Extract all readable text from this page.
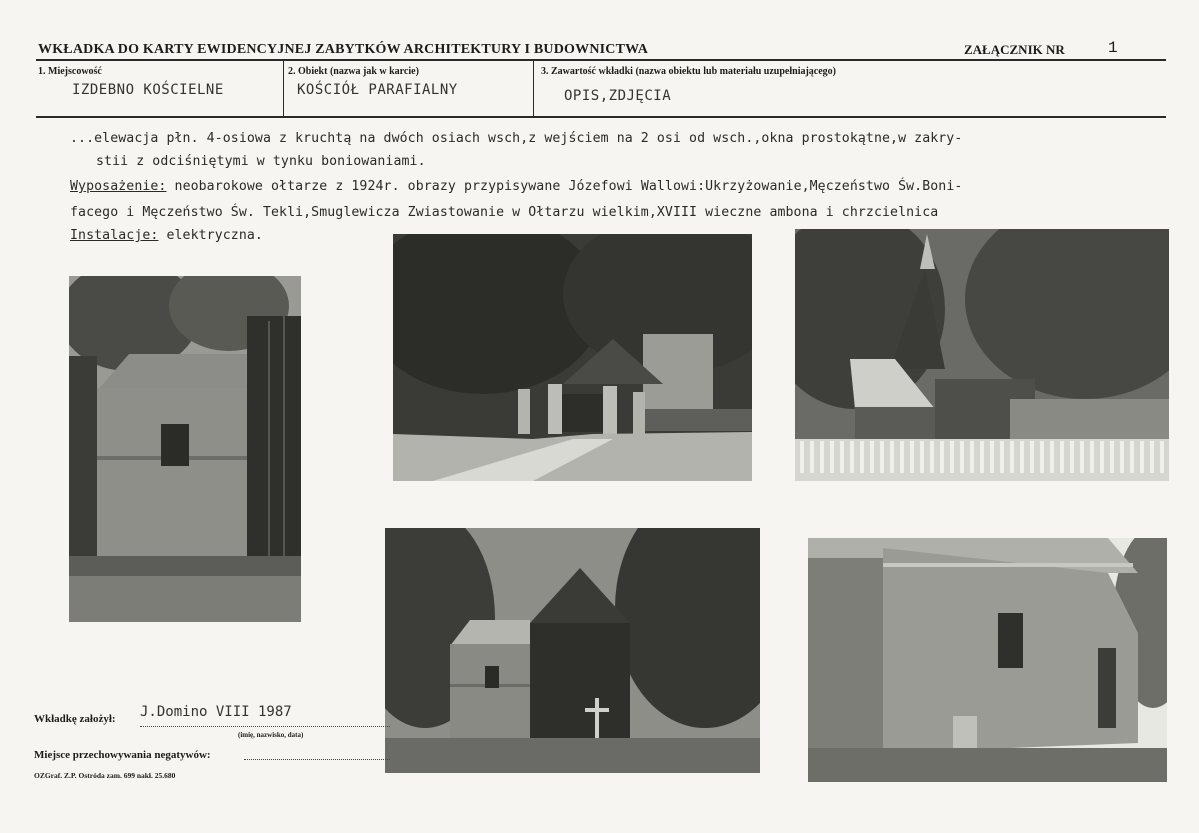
WKŁADKA DO KARTY EWIDENCYJNEJ ZABYTKÓW ARCHITEKTURY I BUDOWNICTWA	ZAŁĄCZNIK NR	1
1. Miejscowość
IZDEBNO KOŚCIELNE
2. Obiekt (nazwa jak w karcie)
KOŚCIÓŁ PARAFIALNY
3. Zawartość wkładki (nazwa obiektu lub materiału uzupełniającego)
OPIS,ZDJĘCIA
...elewacja płn. 4-osiowa z kruchtą na dwóch osiach wsch,z wejściem na 2 osi od wsch.,okna prostokątne,w zakry-
stii z odciśniętymi w tynku boniowaniami.
Wyposażenie: neobarokowe ołtarze z 1924r. obrazy przypisywane Józefowi Wallowi:Ukrzyżowanie,Męczeństwo Św.Boni-
facego i Męczeństwo Św. Tekli,Smuglewicza Zwiastowanie w Ołtarzu wielkim,XVIII wieczne ambona i chrzcielnica
Instalacje: elektryczna.
Wkładkę założył: J.Domino VIII 1987
(imię, nazwisko, data)
Miejsce przechowywania negatywów:
OZGraf. Z.P. Ostróda zam. 699 nakł. 25.680
